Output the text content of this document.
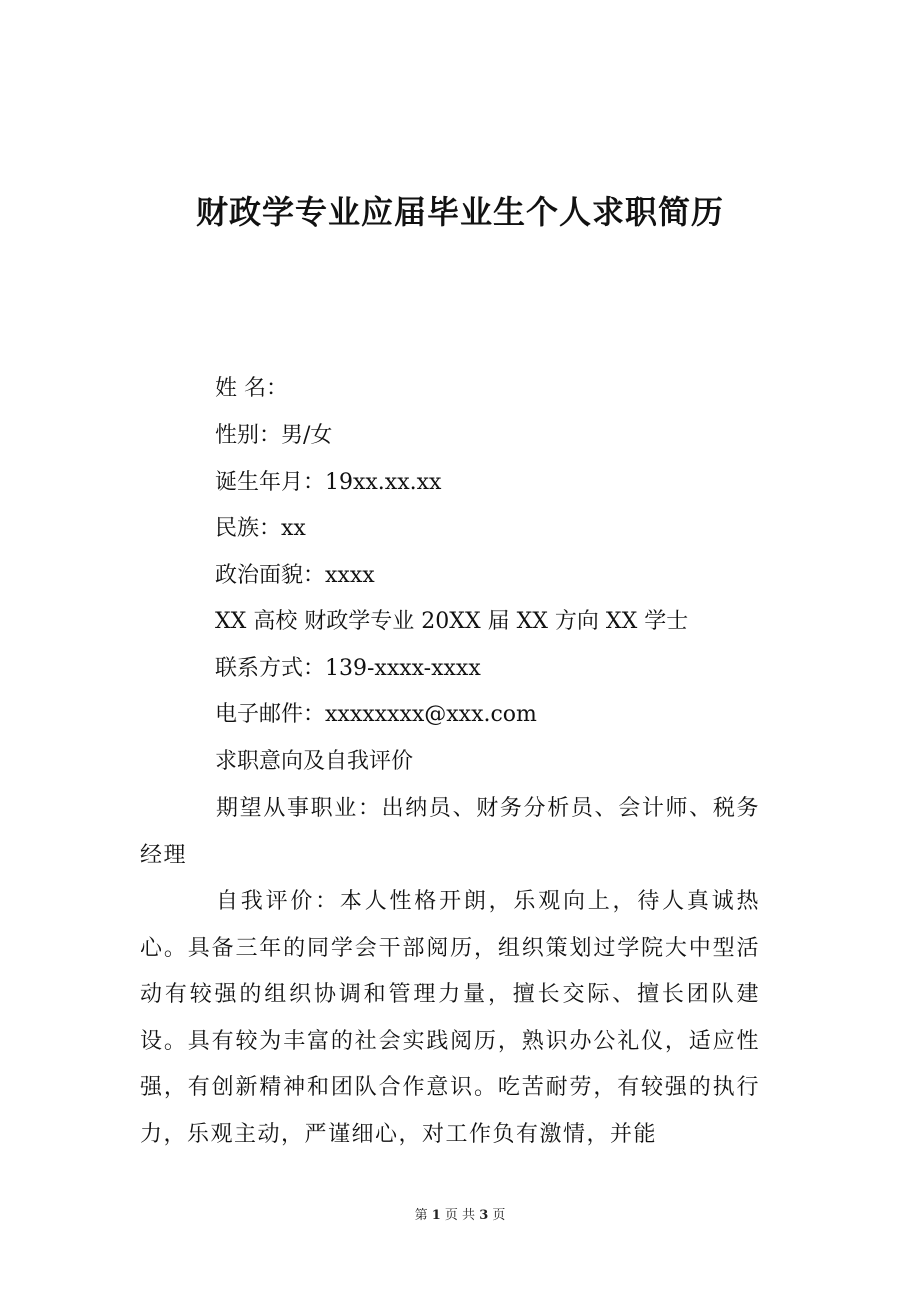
财政学专业应届毕业生个人求职简历
姓 名：
性别：男/女
诞生年月：19xx.xx.xx
民族：xx
政治面貌：xxxx
XX 高校 财政学专业 20XX 届 XX 方向 XX 学士
联系方式：139-xxxx-xxxx
电子邮件：xxxxxxxx@xxx.com
求职意向及自我评价
期望从事职业：出纳员、财务分析员、会计师、税务经理
自我评价：本人性格开朗，乐观向上，待人真诚热心。具备三年的同学会干部阅历，组织策划过学院大中型活动有较强的组织协调和管理力量，擅长交际、擅长团队建设。具有较为丰富的社会实践阅历，熟识办公礼仪，适应性强，有创新精神和团队合作意识。吃苦耐劳，有较强的执行力，乐观主动，严谨细心，对工作负有激情，并能
第 1 页 共 3 页
